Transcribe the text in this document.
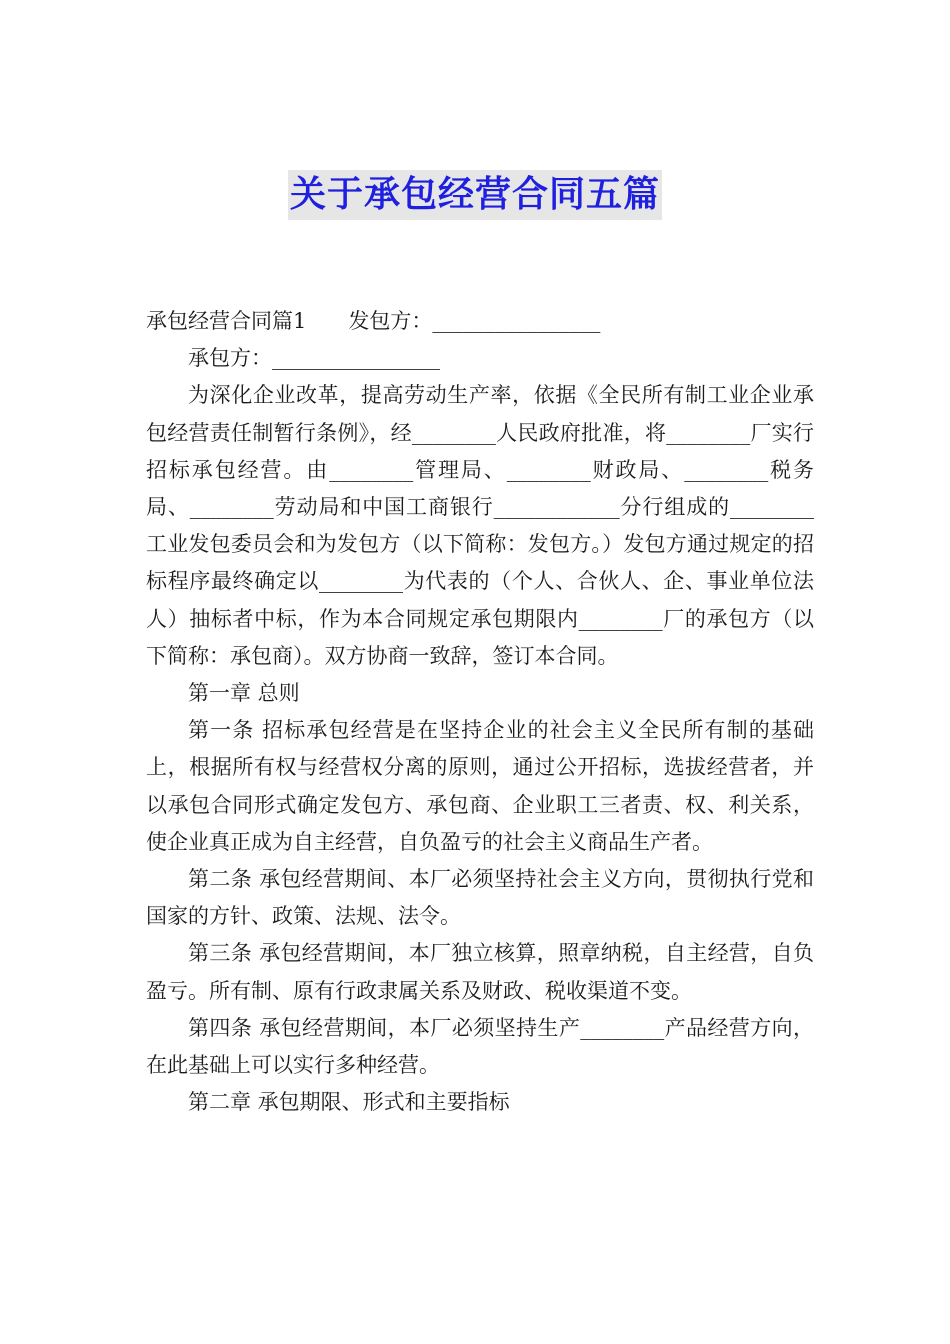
关于承包经营合同五篇

承包经营合同篇1　　发包方：________________

承包方：________________

为深化企业改革，提高劳动生产率，依据《全民所有制工业企业承包经营责任制暂行条例》，经________人民政府批准，将________厂实行招标承包经营。由________管理局、________财政局、________税务局、________劳动局和中国工商银行____________分行组成的________工业发包委员会和为发包方（以下简称：发包方。）发包方通过规定的招标程序最终确定以________为代表的（个人、合伙人、企、事业单位法人）抽标者中标，作为本合同规定承包期限内________厂的承包方（以下简称：承包商）。双方协商一致辞，签订本合同。

第一章 总则

第一条 招标承包经营是在坚持企业的社会主义全民所有制的基础上，根据所有权与经营权分离的原则，通过公开招标，选拔经营者，并以承包合同形式确定发包方、承包商、企业职工三者责、权、利关系，使企业真正成为自主经营，自负盈亏的社会主义商品生产者。

第二条 承包经营期间、本厂必须坚持社会主义方向，贯彻执行党和国家的方针、政策、法规、法令。

第三条 承包经营期间，本厂独立核算，照章纳税，自主经营，自负盈亏。所有制、原有行政隶属关系及财政、税收渠道不变。

第四条 承包经营期间，本厂必须坚持生产________产品经营方向，在此基础上可以实行多种经营。

第二章 承包期限、形式和主要指标
